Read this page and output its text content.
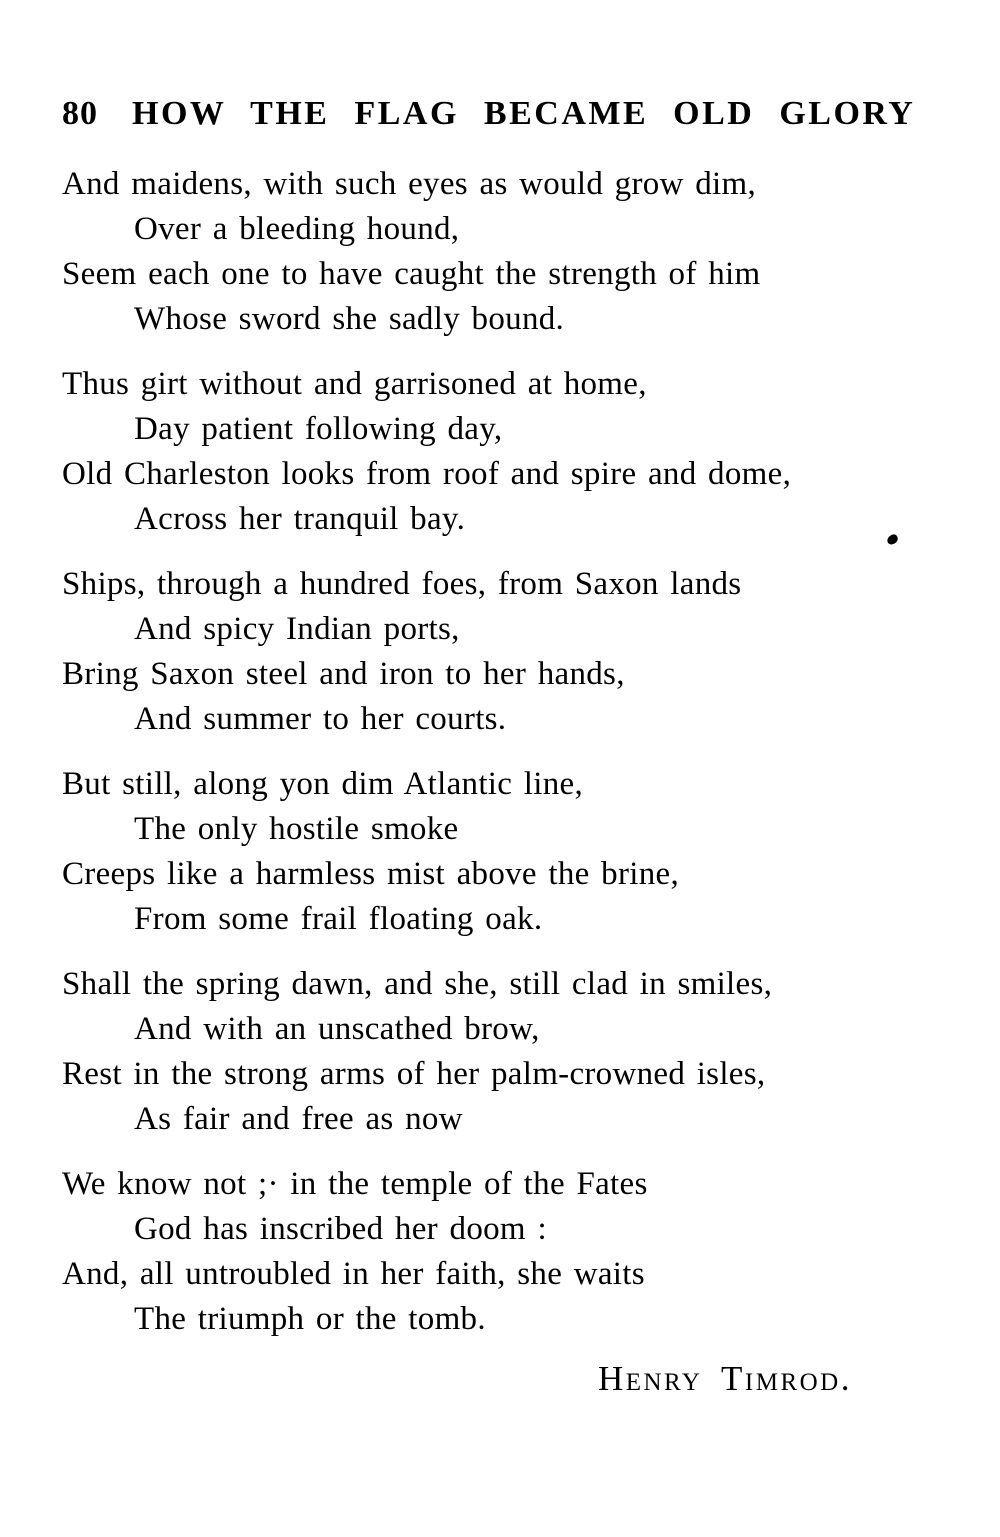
80 HOW THE FLAG BECAME OLD GLORY

And maidens, with such eyes as would grow dim,

Over a bleeding hound,

Seem each one to have caught the strength of him

Whose sword she sadly bound.

Thus girt without and garrisoned at home,

Day patient following day,

Old Charleston looks from roof and spire and dome,

Across her tranquil bay.

Ships, through a hundred foes, from Saxon lands

And spicy Indian ports,

Bring Saxon steel and iron to her hands,

And summer to her courts.

But still, along yon dim Atlantic line,

The only hostile smoke

Creeps like a harmless mist above the brine,

From some frail floating oak.

Shall the spring dawn, and she, still clad in smiles,

And with an unscathed brow,

Rest in the strong arms of her palm-crowned isles,

As fair and free as now

We know not ;· in the temple of the Fates

God has inscribed her doom :

And, all untroubled in her faith, she waits

The triumph or the tomb.

Henry Timrod.
